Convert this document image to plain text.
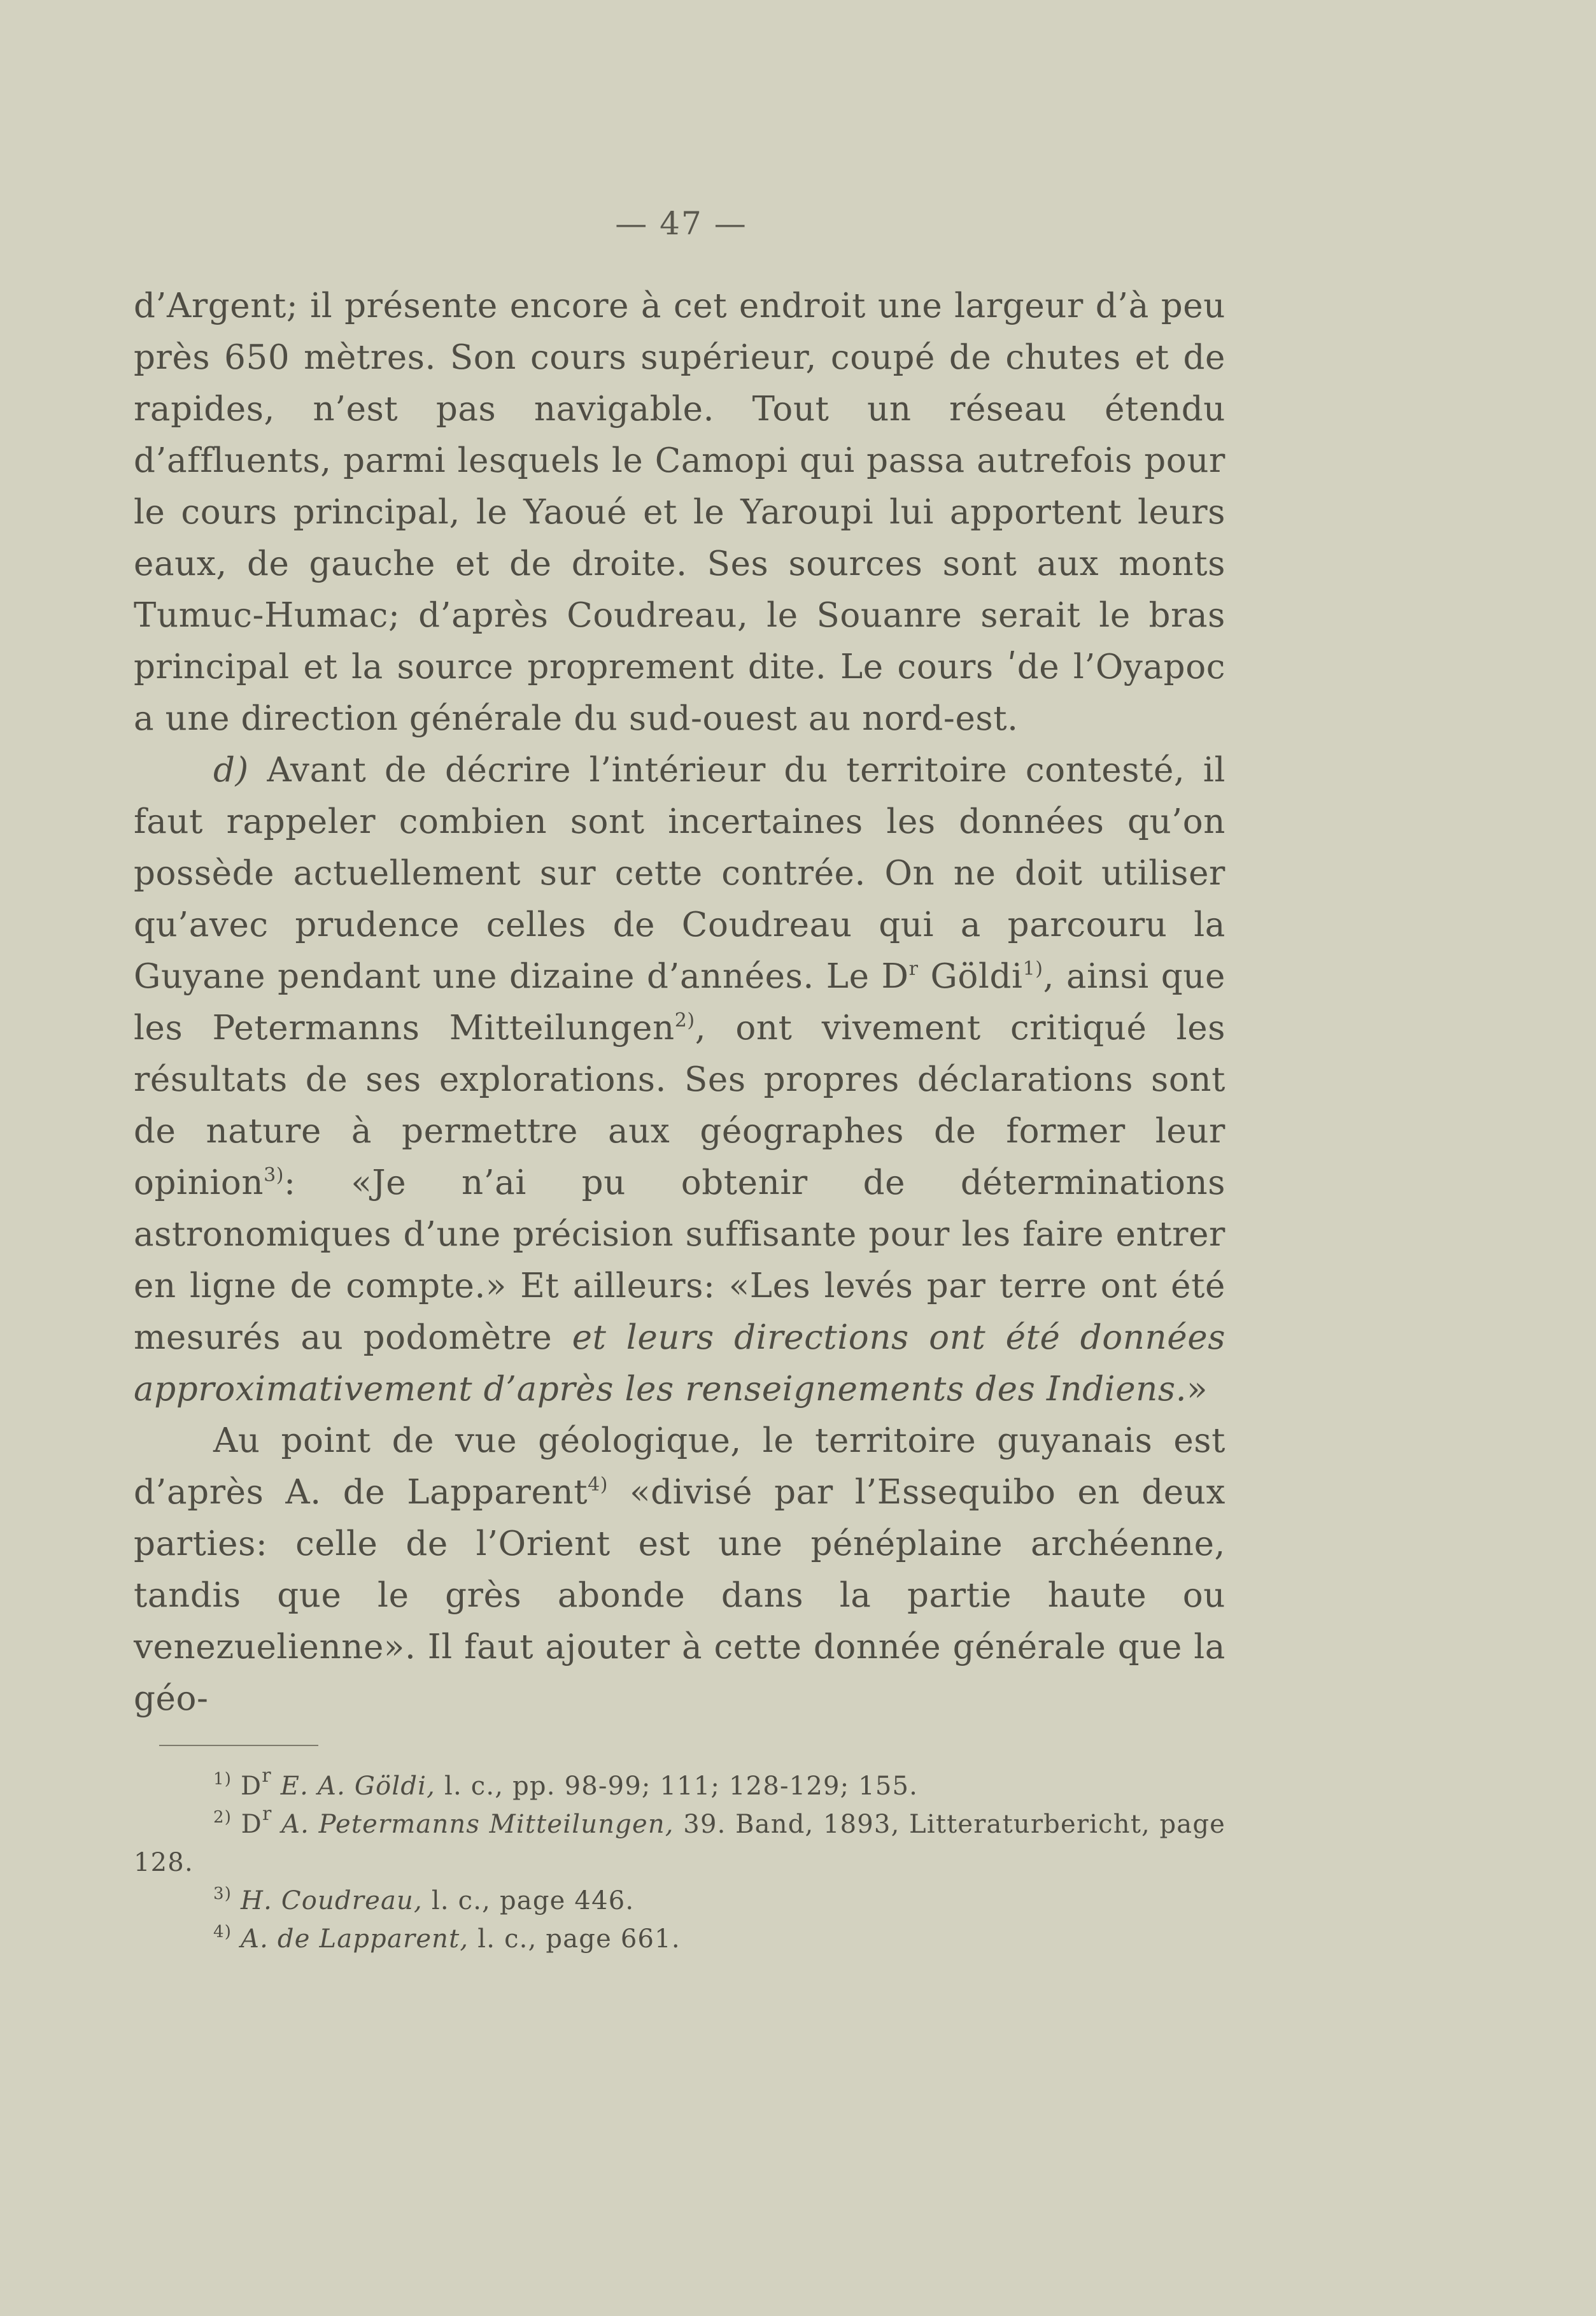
— 47 —

d’Argent; il présente encore à cet endroit une largeur d’à peu près 650 mètres. Son cours supérieur, coupé de chutes et de rapides, n’est pas navigable. Tout un réseau étendu d’affluents, parmi lesquels le Camopi qui passa autrefois pour le cours principal, le Yaoué et le Yaroupi lui apportent leurs eaux, de gauche et de droite. Ses sources sont aux monts Tumuc-Humac; d’après Coudreau, le Souanre serait le bras principal et la source proprement dite. Le cours ʹde l’Oyapoc a une direction générale du sud-ouest au nord-est.

d) Avant de décrire l’intérieur du territoire contesté, il faut rappeler combien sont incertaines les données qu’on possède actuellement sur cette contrée. On ne doit utiliser qu’avec prudence celles de Coudreau qui a parcouru la Guyane pendant une dizaine d’années. Le $D^r$ Göldi$^{1)}$, ainsi que les Petermanns Mitteilungen$^{2)}$, ont vivement critiqué les résultats de ses explorations. Ses propres déclarations sont de nature à permettre aux géographes de former leur opinion$^{3)}$: «Je n’ai pu obtenir de déterminations astronomiques d’une précision suffisante pour les faire entrer en ligne de compte.» Et ailleurs: «Les levés par terre ont été mesurés au podomètre et leurs directions ont été données approximativement d’après les renseignements des Indiens.»

Au point de vue géologique, le territoire guyanais est d’après A. de Lapparent$^{4)}$ «divisé par l’Essequibo en deux parties: celle de l’Orient est une pénéplaine archéenne, tandis que le grès abonde dans la partie haute ou venezuelienne». Il faut ajouter à cette donnée générale que la géo-

$^{1)}$ $D^r$ E. A. Göldi, l. c., pp. 98-99; 111; 128-129; 155.

$^{2)}$ $D^r$ A. Petermanns Mitteilungen, 39. Band, 1893, Litteraturbericht, page 128.

$^{3)}$ H. Coudreau, l. c., page 446.

$^{4)}$ A. de Lapparent, l. c., page 661.
